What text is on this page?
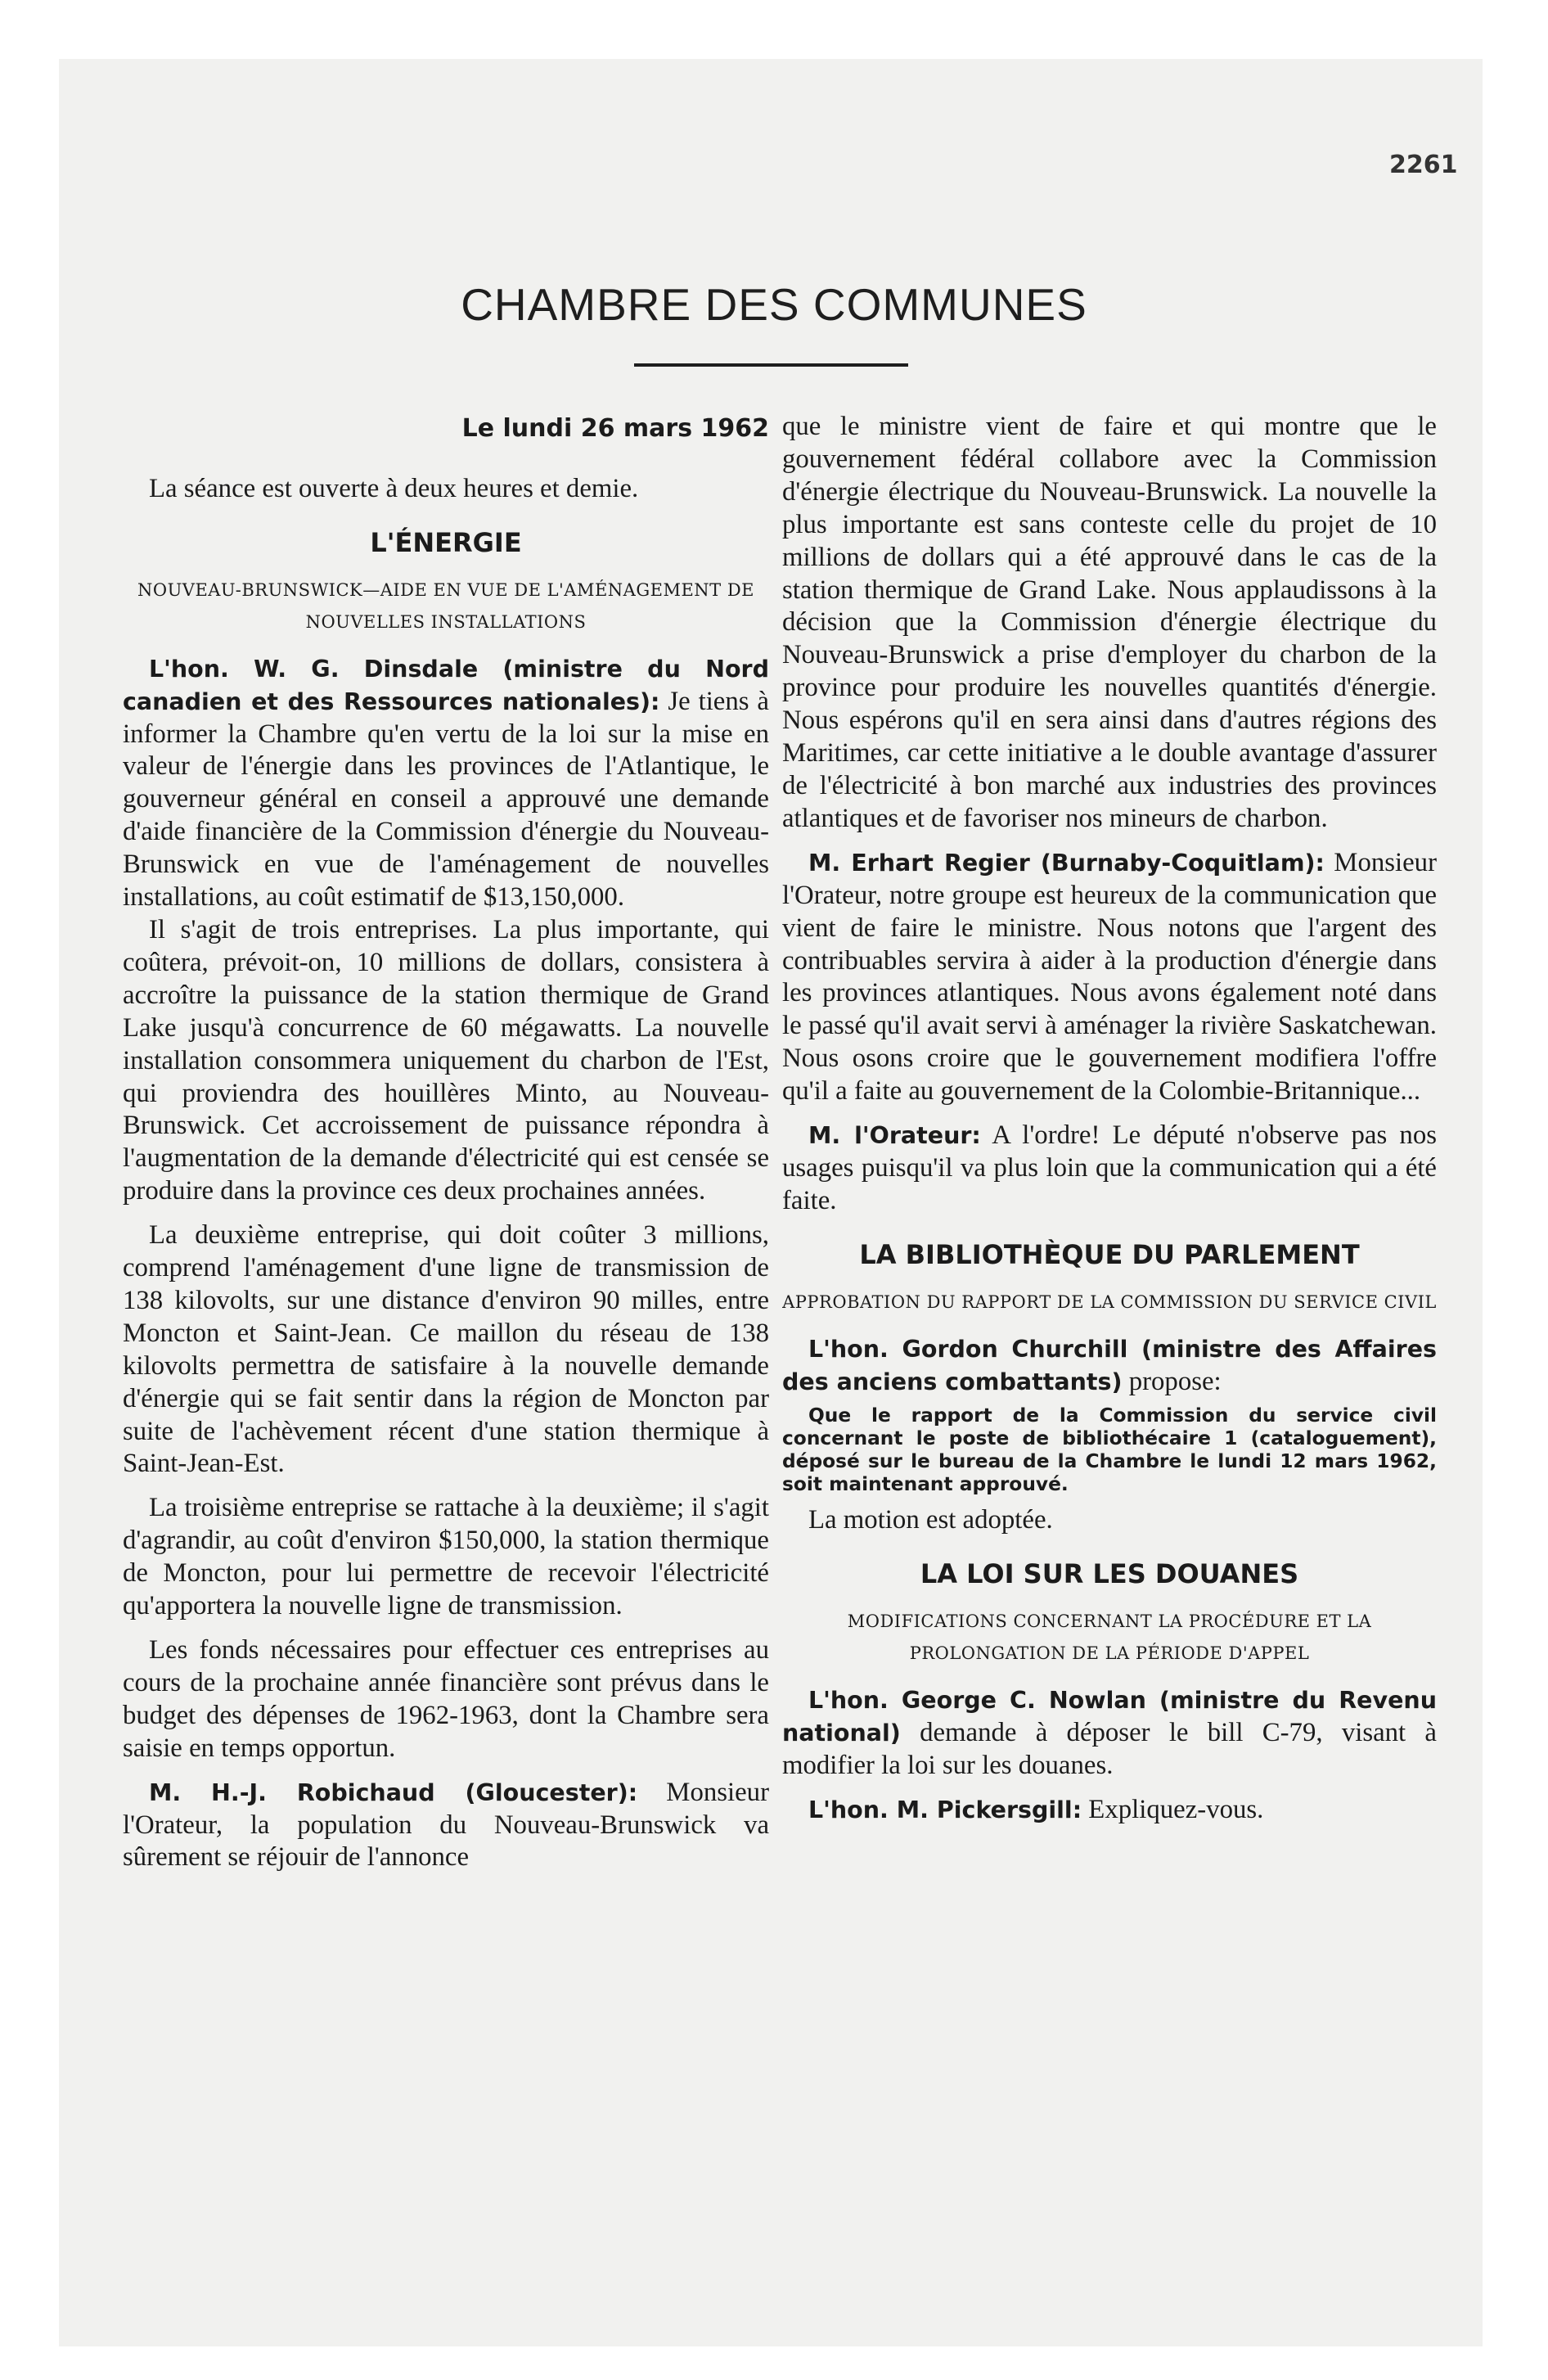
2261
CHAMBRE DES COMMUNES

Le lundi 26 mars 1962

La séance est ouverte à deux heures et demie.

L'ÉNERGIE

NOUVEAU-BRUNSWICK—AIDE EN VUE DE L'AMÉNAGEMENT DE NOUVELLES INSTALLATIONS

L'hon. W. G. Dinsdale (ministre du Nord canadien et des Ressources nationales): Je tiens à informer la Chambre qu'en vertu de la loi sur la mise en valeur de l'énergie dans les provinces de l'Atlantique, le gouverneur général en conseil a approuvé une demande d'aide financière de la Commission d'énergie du Nouveau-Brunswick en vue de l'aménagement de nouvelles installations, au coût estimatif de $13,150,000.

Il s'agit de trois entreprises. La plus importante, qui coûtera, prévoit-on, 10 millions de dollars, consistera à accroître la puissance de la station thermique de Grand Lake jusqu'à concurrence de 60 mégawatts. La nouvelle installation consommera uniquement du charbon de l'Est, qui proviendra des houillères Minto, au Nouveau-Brunswick. Cet accroissement de puissance répondra à l'augmentation de la demande d'électricité qui est censée se produire dans la province ces deux prochaines années.

La deuxième entreprise, qui doit coûter 3 millions, comprend l'aménagement d'une ligne de transmission de 138 kilovolts, sur une distance d'environ 90 milles, entre Moncton et Saint-Jean. Ce maillon du réseau de 138 kilovolts permettra de satisfaire à la nouvelle demande d'énergie qui se fait sentir dans la région de Moncton par suite de l'achèvement récent d'une station thermique à Saint-Jean-Est.

La troisième entreprise se rattache à la deuxième; il s'agit d'agrandir, au coût d'environ $150,000, la station thermique de Moncton, pour lui permettre de recevoir l'électricité qu'apportera la nouvelle ligne de transmission.

Les fonds nécessaires pour effectuer ces entreprises au cours de la prochaine année financière sont prévus dans le budget des dépenses de 1962-1963, dont la Chambre sera saisie en temps opportun.

M. H.-J. Robichaud (Gloucester): Monsieur l'Orateur, la population du Nouveau-Brunswick va sûrement se réjouir de l'annonce

que le ministre vient de faire et qui montre que le gouvernement fédéral collabore avec la Commission d'énergie électrique du Nouveau-Brunswick. La nouvelle la plus importante est sans conteste celle du projet de 10 millions de dollars qui a été approuvé dans le cas de la station thermique de Grand Lake. Nous applaudissons à la décision que la Commission d'énergie électrique du Nouveau-Brunswick a prise d'employer du charbon de la province pour produire les nouvelles quantités d'énergie. Nous espérons qu'il en sera ainsi dans d'autres régions des Maritimes, car cette initiative a le double avantage d'assurer de l'électricité à bon marché aux industries des provinces atlantiques et de favoriser nos mineurs de charbon.

M. Erhart Regier (Burnaby-Coquitlam): Monsieur l'Orateur, notre groupe est heureux de la communication que vient de faire le ministre. Nous notons que l'argent des contribuables servira à aider à la production d'énergie dans les provinces atlantiques. Nous avons également noté dans le passé qu'il avait servi à aménager la rivière Saskatchewan. Nous osons croire que le gouvernement modifiera l'offre qu'il a faite au gouvernement de la Colombie-Britannique...

M. l'Orateur: A l'ordre! Le député n'observe pas nos usages puisqu'il va plus loin que la communication qui a été faite.

LA BIBLIOTHÈQUE DU PARLEMENT

APPROBATION DU RAPPORT DE LA COMMISSION DU SERVICE CIVIL

L'hon. Gordon Churchill (ministre des Affaires des anciens combattants) propose:

Que le rapport de la Commission du service civil concernant le poste de bibliothécaire 1 (cataloguement), déposé sur le bureau de la Chambre le lundi 12 mars 1962, soit maintenant approuvé.

La motion est adoptée.

LA LOI SUR LES DOUANES

MODIFICATIONS CONCERNANT LA PROCÉDURE ET LA PROLONGATION DE LA PÉRIODE D'APPEL

L'hon. George C. Nowlan (ministre du Revenu national) demande à déposer le bill C-79, visant à modifier la loi sur les douanes.

L'hon. M. Pickersgill: Expliquez-vous.
